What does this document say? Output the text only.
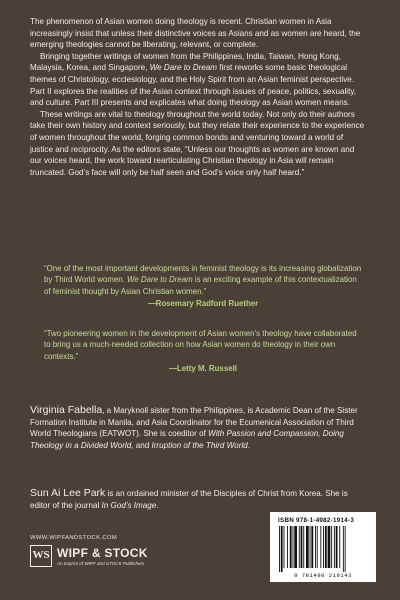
The phenomenon of Asian women doing theology is recent. Christian women in Asia increasingly insist that unless their distinctive voices as Asians and as women are heard, the emerging theologies cannot be liberating, relevant, or complete.

Bringing together writings of women from the Philippines, India, Taiwan, Hong Kong, Malaysia, Korea, and Singapore, We Dare to Dream first reworks some basic theological themes of Christology, ecclesiology, and the Holy Spirit from an Asian feminist perspective. Part II explores the realities of the Asian context through issues of peace, politics, sexuality, and culture. Part III presents and explicates what doing theology as Asian women means.

These writings are vital to theology throughout the world today. Not only do their authors take their own history and context seriously, but they relate their experience to the experience of women throughout the world, forging common bonds and venturing toward a world of justice and reciprocity. As the editors state, “Unless our thoughts as women are known and our voices heard, the work toward rearticulating Christian theology in Asia will remain truncated. God’s face will only be half seen and God’s voice only half heard.”

“One of the most important developments in feminist theology is its increasing globalization by Third World women. We Dare to Dream is an exciting example of this contextualization of feminist thought by Asian Christian women.”
—Rosemary Radford Ruether
“Two pioneering women in the development of Asian women’s theology have collaborated to bring us a much-needed collection on how Asian women do theology in their own contexts.”
—Letty M. Russell
Virginia Fabella, a Maryknoll sister from the Philippines, is Academic Dean of the Sister Formation Institute in Manila, and Asia Coordinator for the Ecumenical Association of Third World Theologians (EATWOT). She is coeditor of With Passion and Compassion, Doing Theology in a Divided World, and Irruption of the Third World.
Sun Ai Lee Park is an ordained minister of the Disciples of Christ from Korea. She is editor of the journal In God’s Image.
WWW.WIPFANDSTOCK.COM
WS WIPF & STOCK
An Imprint of WIPF and STOCK Publishers
ISBN 978-1-4982-1914-3
9 781498 219143
